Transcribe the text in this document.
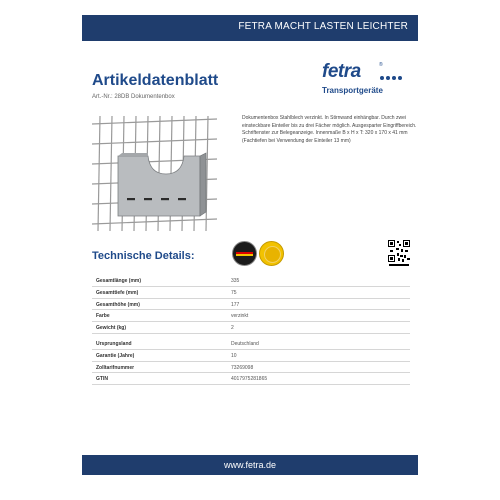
FETRA MACHT LASTEN LEICHTER
Artikeldatenblatt
Art.-Nr.: 28DB Dokumentenbox
fetra	®
Transportgeräte
Dokumentenbox Stahlblech verzinkt. In Stirnwand einhängbar. Durch zwei einsteckbare Einteiler bis zu drei Fächer möglich. Ausgesparter Eingriffbereich. Schriftenster zur Belegeanzeige. Innenmaße B x H x T: 320 x 170 x 41 mm (Fachtiefen bei Verwendung der Einteiler 13 mm)
Technische Details:
Gesamtlänge (mm)	335
Gesamttiefe (mm)	75
Gesamthöhe (mm)	177
Farbe	verzinkt
Gewicht (kg)	2
Ursprungsland	Deutschland
Garantie (Jahre)	10
Zolltarifnummer	73269098
GTIN	4017975281865
www.fetra.de
